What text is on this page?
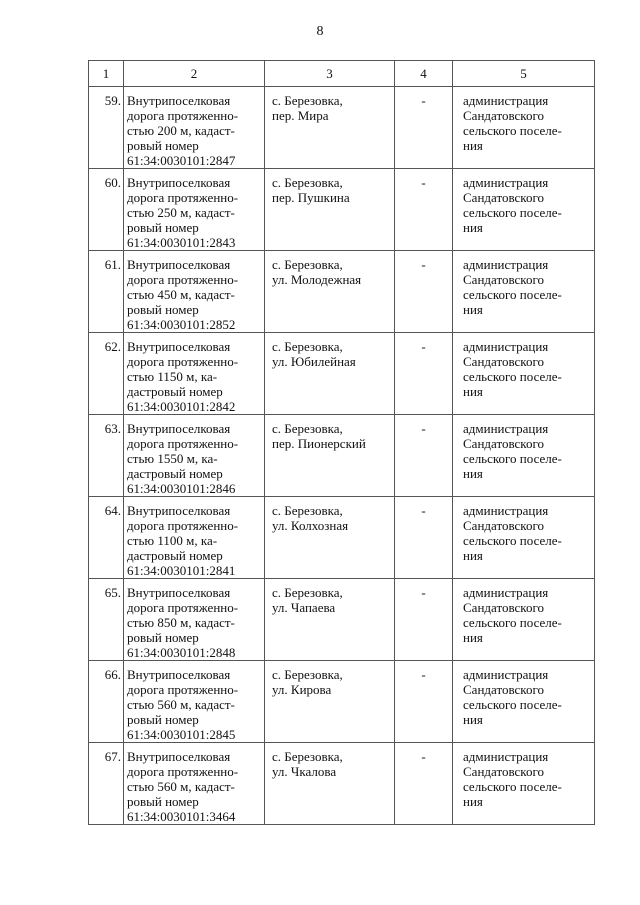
8
1	2	3	4	5
59.	Внутрипоселковая
дорога протяженно-
стью 200 м, кадаст-
ровый номер
61:34:0030101:2847	с. Березовка,
пер. Мира	-	администрация
Сандатовского
сельского поселе-
ния
60.	Внутрипоселковая
дорога протяженно-
стью 250 м, кадаст-
ровый номер
61:34:0030101:2843	с. Березовка,
пер. Пушкина	-	администрация
Сандатовского
сельского поселе-
ния
61.	Внутрипоселковая
дорога протяженно-
стью 450 м, кадаст-
ровый номер
61:34:0030101:2852	с. Березовка,
ул. Молодежная	-	администрация
Сандатовского
сельского поселе-
ния
62.	Внутрипоселковая
дорога протяженно-
стью 1150 м, ка-
дастровый номер
61:34:0030101:2842	с. Березовка,
ул. Юбилейная	-	администрация
Сандатовского
сельского поселе-
ния
63.	Внутрипоселковая
дорога протяженно-
стью 1550 м, ка-
дастровый номер
61:34:0030101:2846	с. Березовка,
пер. Пионерский	-	администрация
Сандатовского
сельского поселе-
ния
64.	Внутрипоселковая
дорога протяженно-
стью 1100 м, ка-
дастровый номер
61:34:0030101:2841	с. Березовка,
ул. Колхозная	-	администрация
Сандатовского
сельского поселе-
ния
65.	Внутрипоселковая
дорога протяженно-
стью 850 м, кадаст-
ровый номер
61:34:0030101:2848	с. Березовка,
ул. Чапаева	-	администрация
Сандатовского
сельского поселе-
ния
66.	Внутрипоселковая
дорога протяженно-
стью 560 м, кадаст-
ровый номер
61:34:0030101:2845	с. Березовка,
ул. Кирова	-	администрация
Сандатовского
сельского поселе-
ния
67.	Внутрипоселковая
дорога протяженно-
стью 560 м, кадаст-
ровый номер
61:34:0030101:3464	с. Березовка,
ул. Чкалова	-	администрация
Сандатовского
сельского поселе-
ния
